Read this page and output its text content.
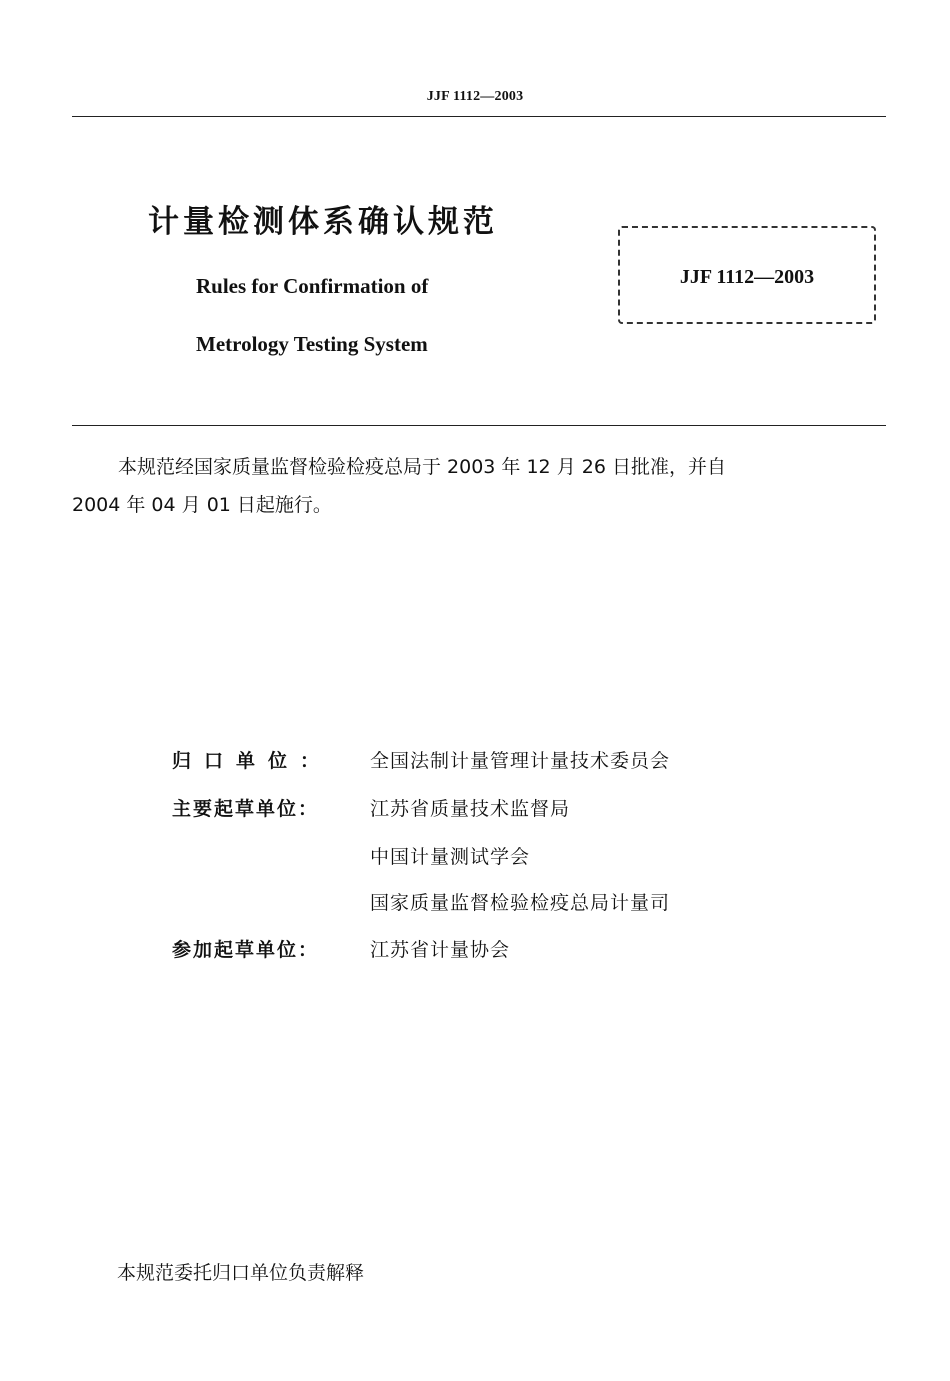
JJF 1112—2003
计量检测体系确认规范
Rules for Confirmation of
Metrology Testing System
JJF 1112—2003
本规范经国家质量监督检验检疫总局于 2003 年 12 月 26 日批准，并自
2004 年 04 月 01 日起施行。
归口单位： 全国法制计量管理计量技术委员会
主要起草单位：	江苏省质量技术监督局
中国计量测试学会
国家质量监督检验检疫总局计量司
参加起草单位：	江苏省计量协会
本规范委托归口单位负责解释
